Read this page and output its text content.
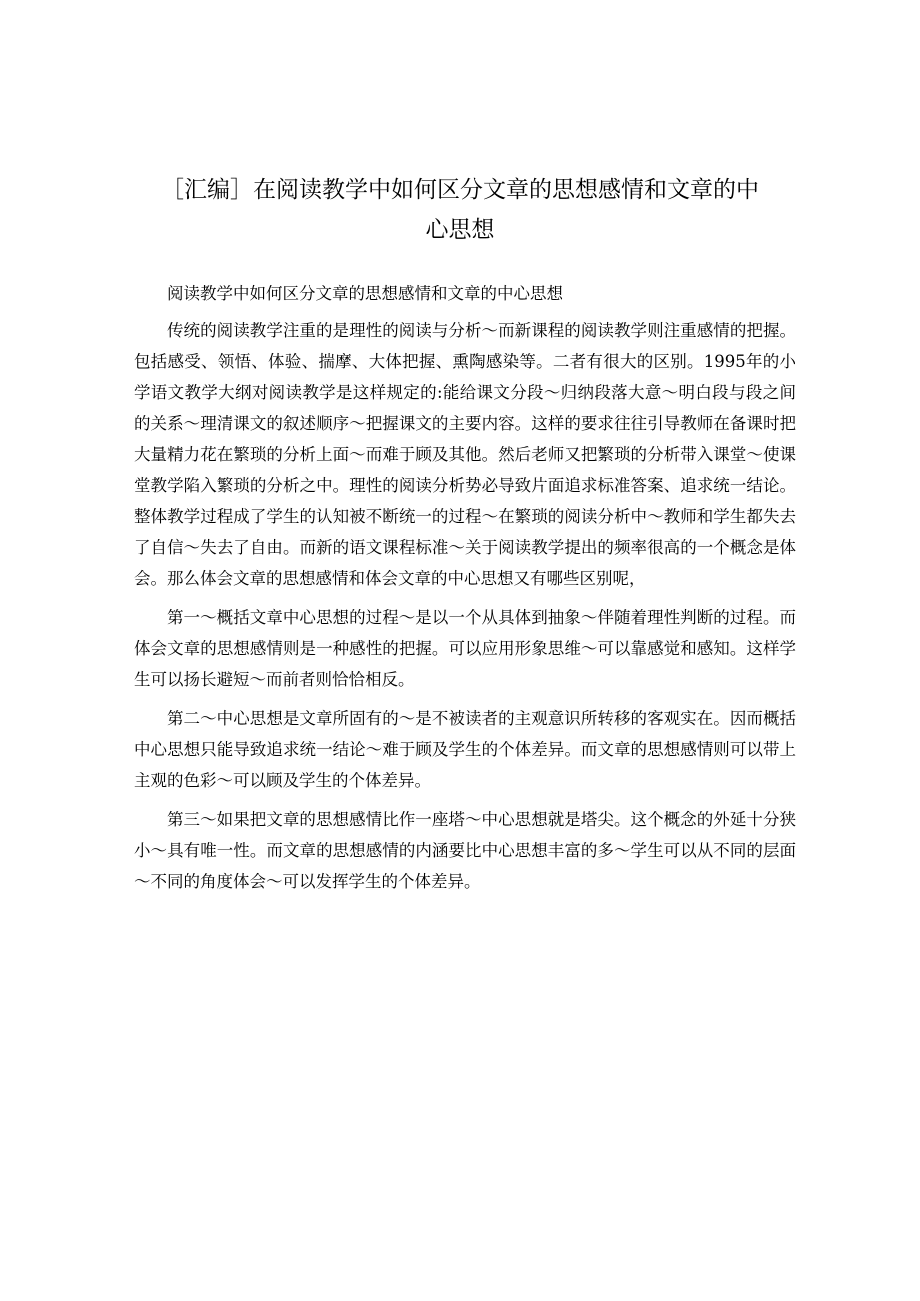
［汇编］在阅读教学中如何区分文章的思想感情和文章的中
心思想

阅读教学中如何区分文章的思想感情和文章的中心思想

传统的阅读教学注重的是理性的阅读与分析～而新课程的阅读教学则注重感情的把握。包括感受、领悟、体验、揣摩、大体把握、熏陶感染等。二者有很大的区别。1995年的小学语文教学大纲对阅读教学是这样规定的:能给课文分段～归纳段落大意～明白段与段之间的关系～理清课文的叙述顺序～把握课文的主要内容。这样的要求往往引导教师在备课时把大量精力花在繁琐的分析上面～而难于顾及其他。然后老师又把繁琐的分析带入课堂～使课堂教学陷入繁琐的分析之中。理性的阅读分析势必导致片面追求标准答案、追求统一结论。整体教学过程成了学生的认知被不断统一的过程～在繁琐的阅读分析中～教师和学生都失去了自信～失去了自由。而新的语文课程标准～关于阅读教学提出的频率很高的一个概念是体会。那么体会文章的思想感情和体会文章的中心思想又有哪些区别呢，

第一～概括文章中心思想的过程～是以一个从具体到抽象～伴随着理性判断的过程。而体会文章的思想感情则是一种感性的把握。可以应用形象思维～可以靠感觉和感知。这样学生可以扬长避短～而前者则恰恰相反。

第二～中心思想是文章所固有的～是不被读者的主观意识所转移的客观实在。因而概括中心思想只能导致追求统一结论～难于顾及学生的个体差异。而文章的思想感情则可以带上主观的色彩～可以顾及学生的个体差异。

第三～如果把文章的思想感情比作一座塔～中心思想就是塔尖。这个概念的外延十分狭小～具有唯一性。而文章的思想感情的内涵要比中心思想丰富的多～学生可以从不同的层面～不同的角度体会～可以发挥学生的个体差异。
